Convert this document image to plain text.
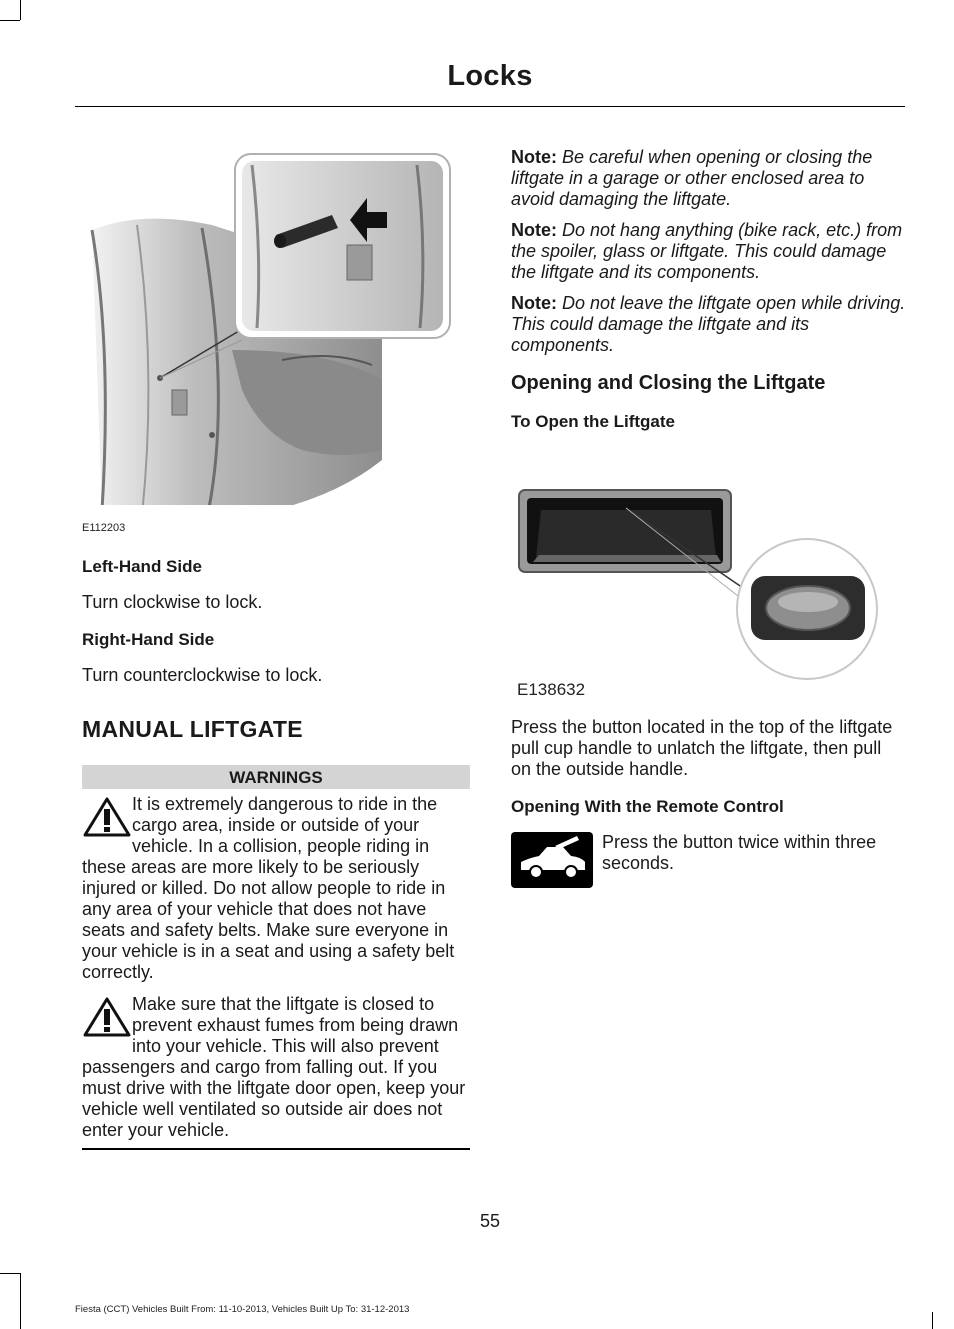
Locks
E112203
Left-Hand Side
Turn clockwise to lock.
Right-Hand Side
Turn counterclockwise to lock.
MANUAL LIFTGATE
WARNINGS
It is extremely dangerous to ride in the cargo area, inside or outside of your vehicle. In a collision, people riding in these areas are more likely to be seriously injured or killed. Do not allow people to ride in any area of your vehicle that does not have seats and safety belts. Make sure everyone in your vehicle is in a seat and using a safety belt correctly.
Make sure that the liftgate is closed to prevent exhaust fumes from being drawn into your vehicle. This will also prevent passengers and cargo from falling out. If you must drive with the liftgate door open, keep your vehicle well ventilated so outside air does not enter your vehicle.
Note: Be careful when opening or closing the liftgate in a garage or other enclosed area to avoid damaging the liftgate.
Note: Do not hang anything (bike rack, etc.) from the spoiler, glass or liftgate. This could damage the liftgate and its components.
Note: Do not leave the liftgate open while driving. This could damage the liftgate and its components.
Opening and Closing the Liftgate
To Open the Liftgate
E138632
Press the button located in the top of the liftgate pull cup handle to unlatch the liftgate, then pull on the outside handle.
Opening With the Remote Control
Press the button twice within three seconds.
55
Fiesta (CCT) Vehicles Built From: 11-10-2013, Vehicles Built Up To: 31-12-2013
